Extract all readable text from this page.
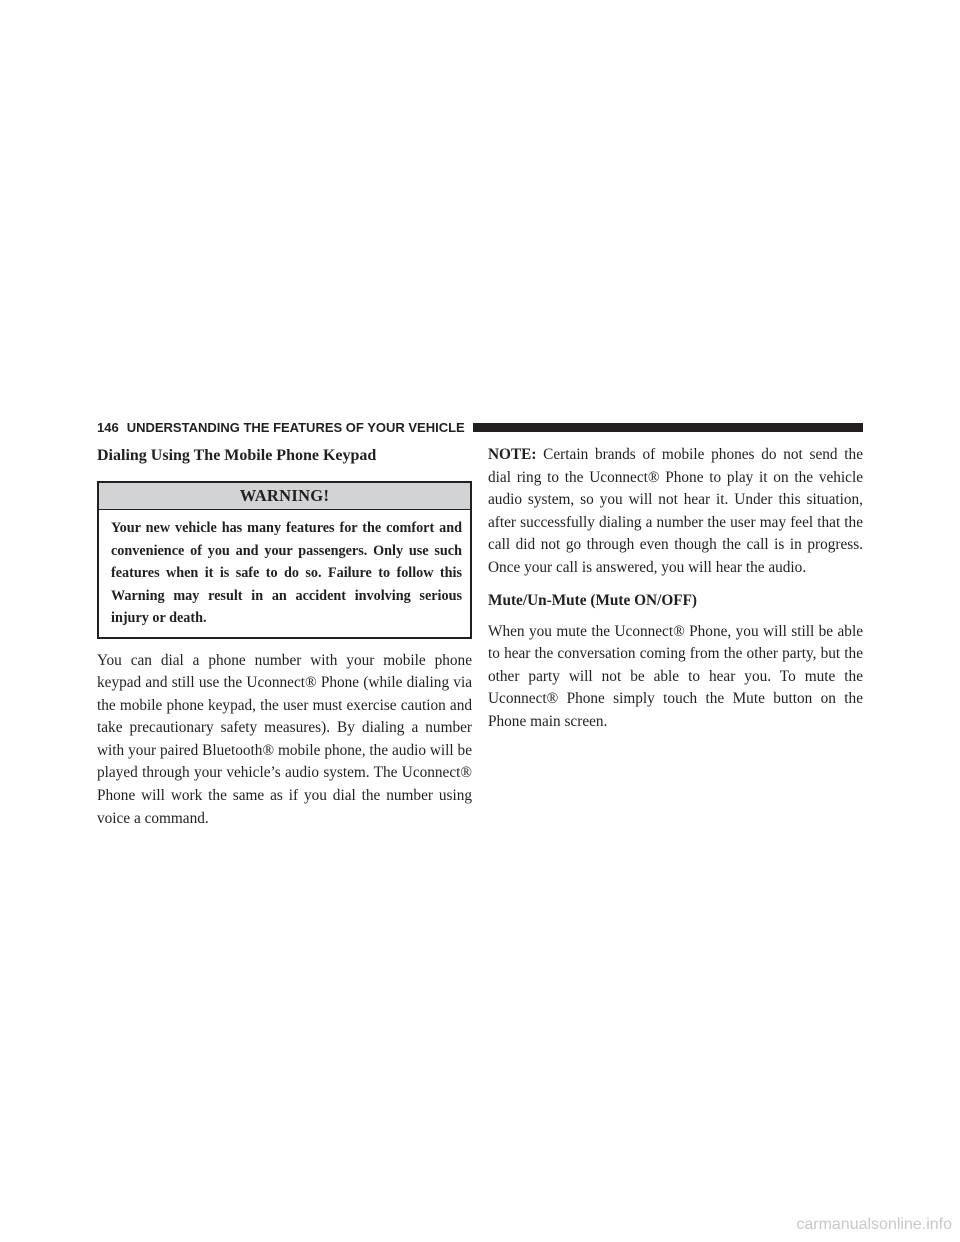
146 UNDERSTANDING THE FEATURES OF YOUR VEHICLE
Dialing Using The Mobile Phone Keypad
WARNING!
Your new vehicle has many features for the comfort and convenience of you and your passengers. Only use such features when it is safe to do so. Failure to follow this Warning may result in an accident involving serious injury or death.

You can dial a phone number with your mobile phone keypad and still use the Uconnect® Phone (while dialing via the mobile phone keypad, the user must exercise caution and take precautionary safety measures). By dialing a number with your paired Bluetooth® mobile phone, the audio will be played through your vehicle’s audio system. The Uconnect® Phone will work the same as if you dial the number using voice a command.

NOTE: Certain brands of mobile phones do not send the dial ring to the Uconnect® Phone to play it on the vehicle audio system, so you will not hear it. Under this situation, after successfully dialing a number the user may feel that the call did not go through even though the call is in progress. Once your call is answered, you will hear the audio.

Mute/Un-Mute (Mute ON/OFF)

When you mute the Uconnect® Phone, you will still be able to hear the conversation coming from the other party, but the other party will not be able to hear you. To mute the Uconnect® Phone simply touch the Mute button on the Phone main screen.

carmanualsonline.info
